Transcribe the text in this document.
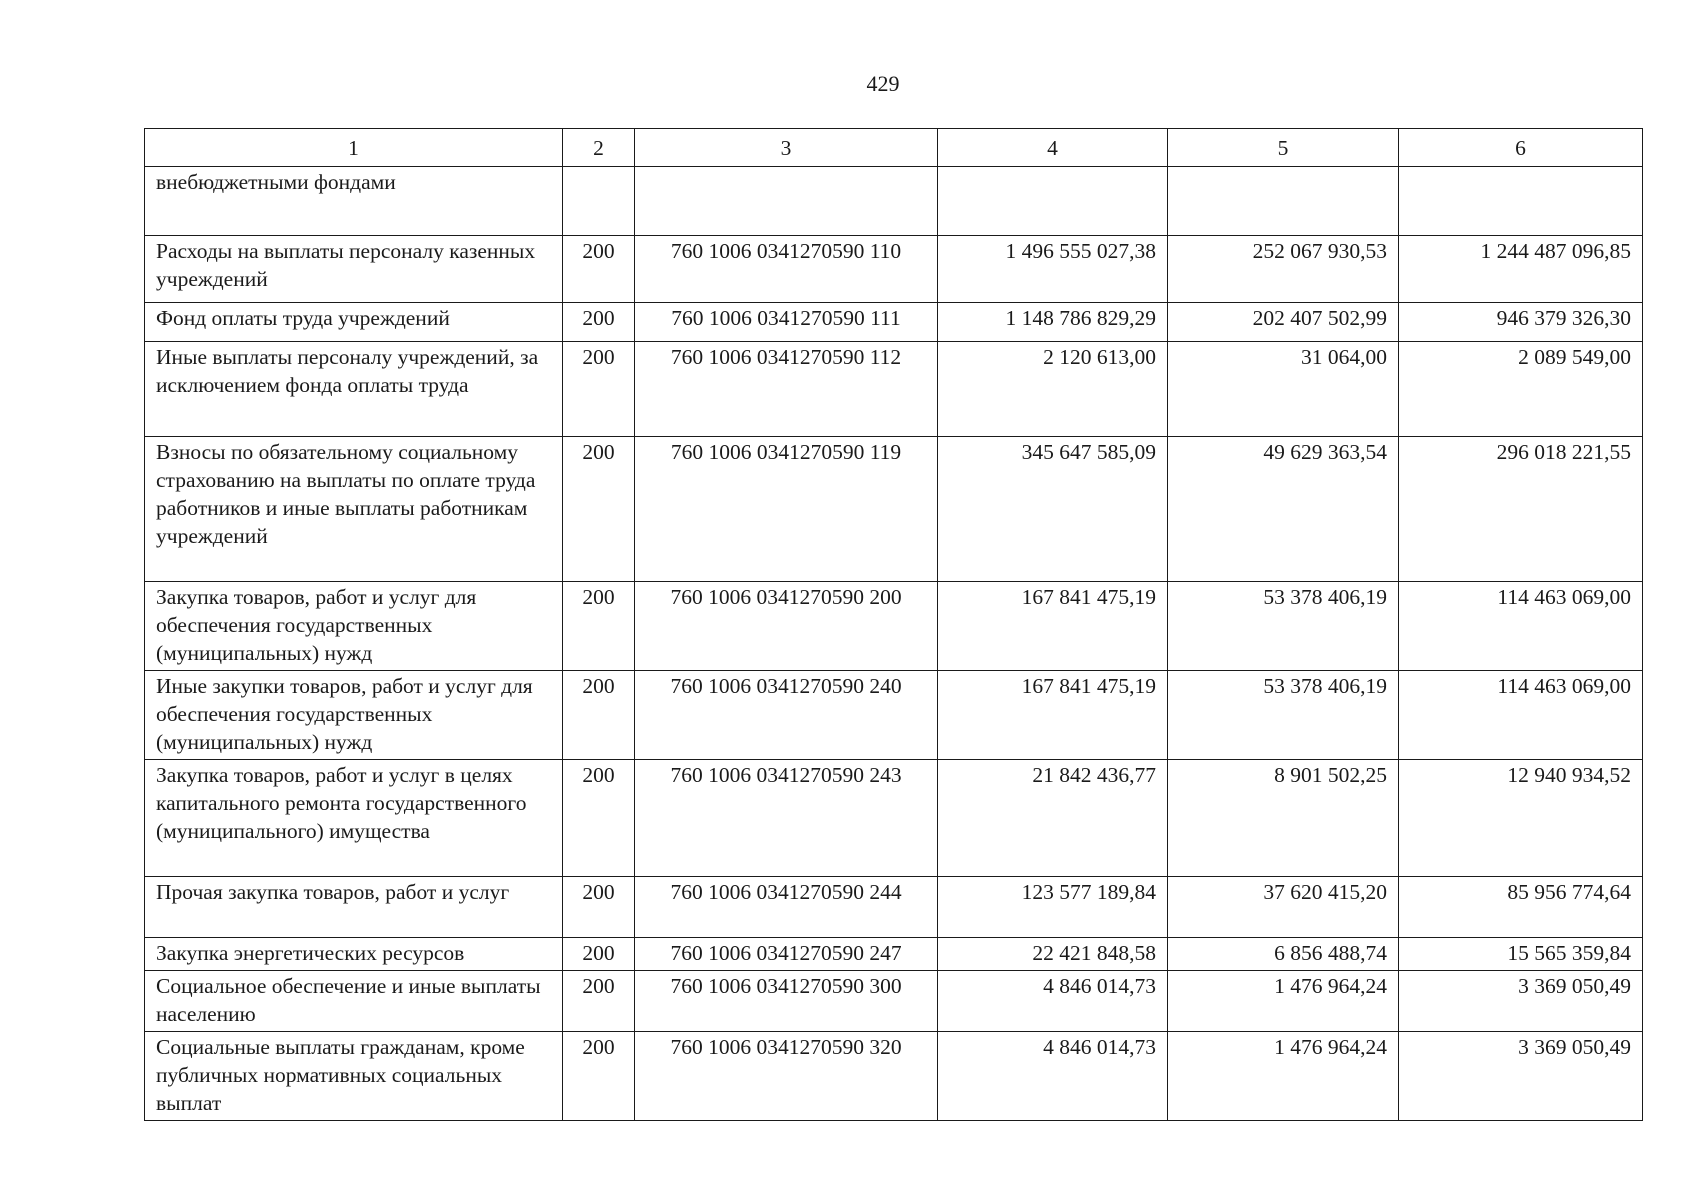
429
1	2	3	4	5	6
внебюджетными фондами					
Расходы на выплаты персоналу казенных учреждений	200	760 1006 0341270590 110	1 496 555 027,38	252 067 930,53	1 244 487 096,85
Фонд оплаты труда учреждений	200	760 1006 0341270590 111	1 148 786 829,29	202 407 502,99	946 379 326,30
Иные выплаты персоналу учреждений, за исключением фонда оплаты труда	200	760 1006 0341270590 112	2 120 613,00	31 064,00	2 089 549,00
Взносы по обязательному социальному страхованию на выплаты по оплате труда работников и иные выплаты работникам учреждений	200	760 1006 0341270590 119	345 647 585,09	49 629 363,54	296 018 221,55
Закупка товаров, работ и услуг для обеспечения государственных (муниципальных) нужд	200	760 1006 0341270590 200	167 841 475,19	53 378 406,19	114 463 069,00
Иные закупки товаров, работ и услуг для обеспечения государственных (муниципальных) нужд	200	760 1006 0341270590 240	167 841 475,19	53 378 406,19	114 463 069,00
Закупка товаров, работ и услуг в целях капитального ремонта государственного (муниципального) имущества	200	760 1006 0341270590 243	21 842 436,77	8 901 502,25	12 940 934,52
Прочая закупка товаров, работ и услуг	200	760 1006 0341270590 244	123 577 189,84	37 620 415,20	85 956 774,64
Закупка энергетических ресурсов	200	760 1006 0341270590 247	22 421 848,58	6 856 488,74	15 565 359,84
Социальное обеспечение и иные выплаты населению	200	760 1006 0341270590 300	4 846 014,73	1 476 964,24	3 369 050,49
Социальные выплаты гражданам, кроме публичных нормативных социальных выплат	200	760 1006 0341270590 320	4 846 014,73	1 476 964,24	3 369 050,49
